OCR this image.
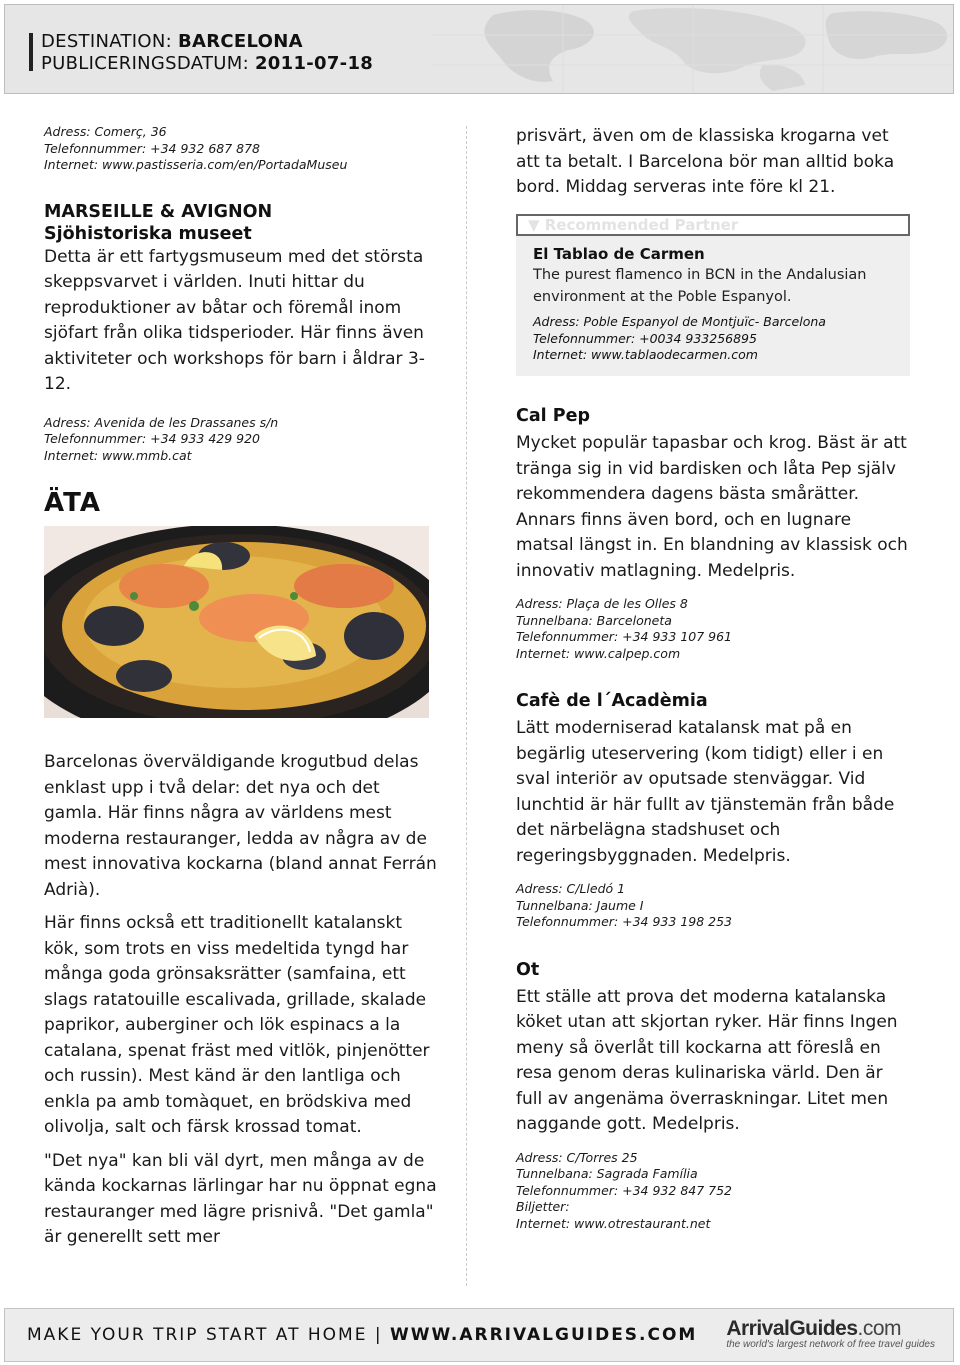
DESTINATION: BARCELONA
PUBLICERINGSDATUM: 2011-07-18
Adress: Comerç, 36
Telefonnummer: +34 932 687 878
Internet: www.pastisseria.com/en/PortadaMuseu
MARSEILLE & AVIGNON
Sjöhistoriska museet

Detta är ett fartygsmuseum med det största skeppsvarvet i världen. Inuti hittar du reproduktioner av båtar och föremål inom sjöfart från olika tidsperioder. Här finns även aktiviteter och workshops för barn i åldrar 3-12.

Adress: Avenida de les Drassanes s/n
Telefonnummer: +34 933 429 920
Internet: www.mmb.cat
ÄTA

Barcelonas överväldigande krogutbud delas enklast upp i två delar: det nya och det gamla. Här finns några av världens mest moderna restauranger, ledda av några av de mest innovativa kockarna (bland annat Ferrán Adrià).

Här finns också ett traditionellt katalanskt kök, som trots en viss medeltida tyngd har många goda grönsaksrätter (samfaina, ett slags ratatouille escalivada, grillade, skalade paprikor, auberginer och lök espinacs a la catalana, spenat fräst med vitlök, pinjenötter och russin). Mest känd är den lantliga och enkla pa amb tomàquet, en brödskiva med olivolja, salt och färsk krossad tomat.

"Det nya" kan bli väl dyrt, men många av de kända kockarnas lärlingar har nu öppnat egna restauranger med lägre prisnivå. "Det gamla" är generellt sett mer

prisvärt, även om de klassiska krogarna vet att ta betalt. I Barcelona bör man alltid boka bord. Middag serveras inte före kl 21.

▼ Recommended Partner
El Tablao de Carmen
The purest flamenco in BCN in the Andalusian environment at the Poble Espanyol.
Adress: Poble Espanyol de Montjuïc- Barcelona
Telefonnummer: +0034 933256895
Internet: www.tablaodecarmen.com
Cal Pep

Mycket populär tapasbar och krog. Bäst är att tränga sig in vid bardisken och låta Pep själv rekommendera dagens bästa smårätter. Annars finns även bord, och en lugnare matsal längst in. En blandning av klassisk och innovativ matlagning. Medelpris.

Adress: Plaça de les Olles 8
Tunnelbana: Barceloneta
Telefonnummer: +34 933 107 961
Internet: www.calpep.com
Cafè de l´Acadèmia

Lätt moderniserad katalansk mat på en begärlig uteservering (kom tidigt) eller i en sval interiör av oputsade stenväggar. Vid lunchtid är här fullt av tjänstemän från både det närbelägna stadshuset och regeringsbyggnaden. Medelpris.

Adress: C/Lledó 1
Tunnelbana: Jaume I
Telefonnummer: +34 933 198 253
Ot

Ett ställe att prova det moderna katalanska köket utan att skjortan ryker. Här finns Ingen meny så överlåt till kockarna att föreslå en resa genom deras kulinariska värld. Den är full av angenäma överraskningar. Litet men naggande gott. Medelpris.

Adress: C/Torres 25
Tunnelbana: Sagrada Família
Telefonnummer: +34 932 847 752
Biljetter:
Internet: www.otrestaurant.net
MAKE YOUR TRIP START AT HOME | WWW.ARRIVALGUIDES.COM ArrivalGuides.com
the world's largest network of free travel guides
